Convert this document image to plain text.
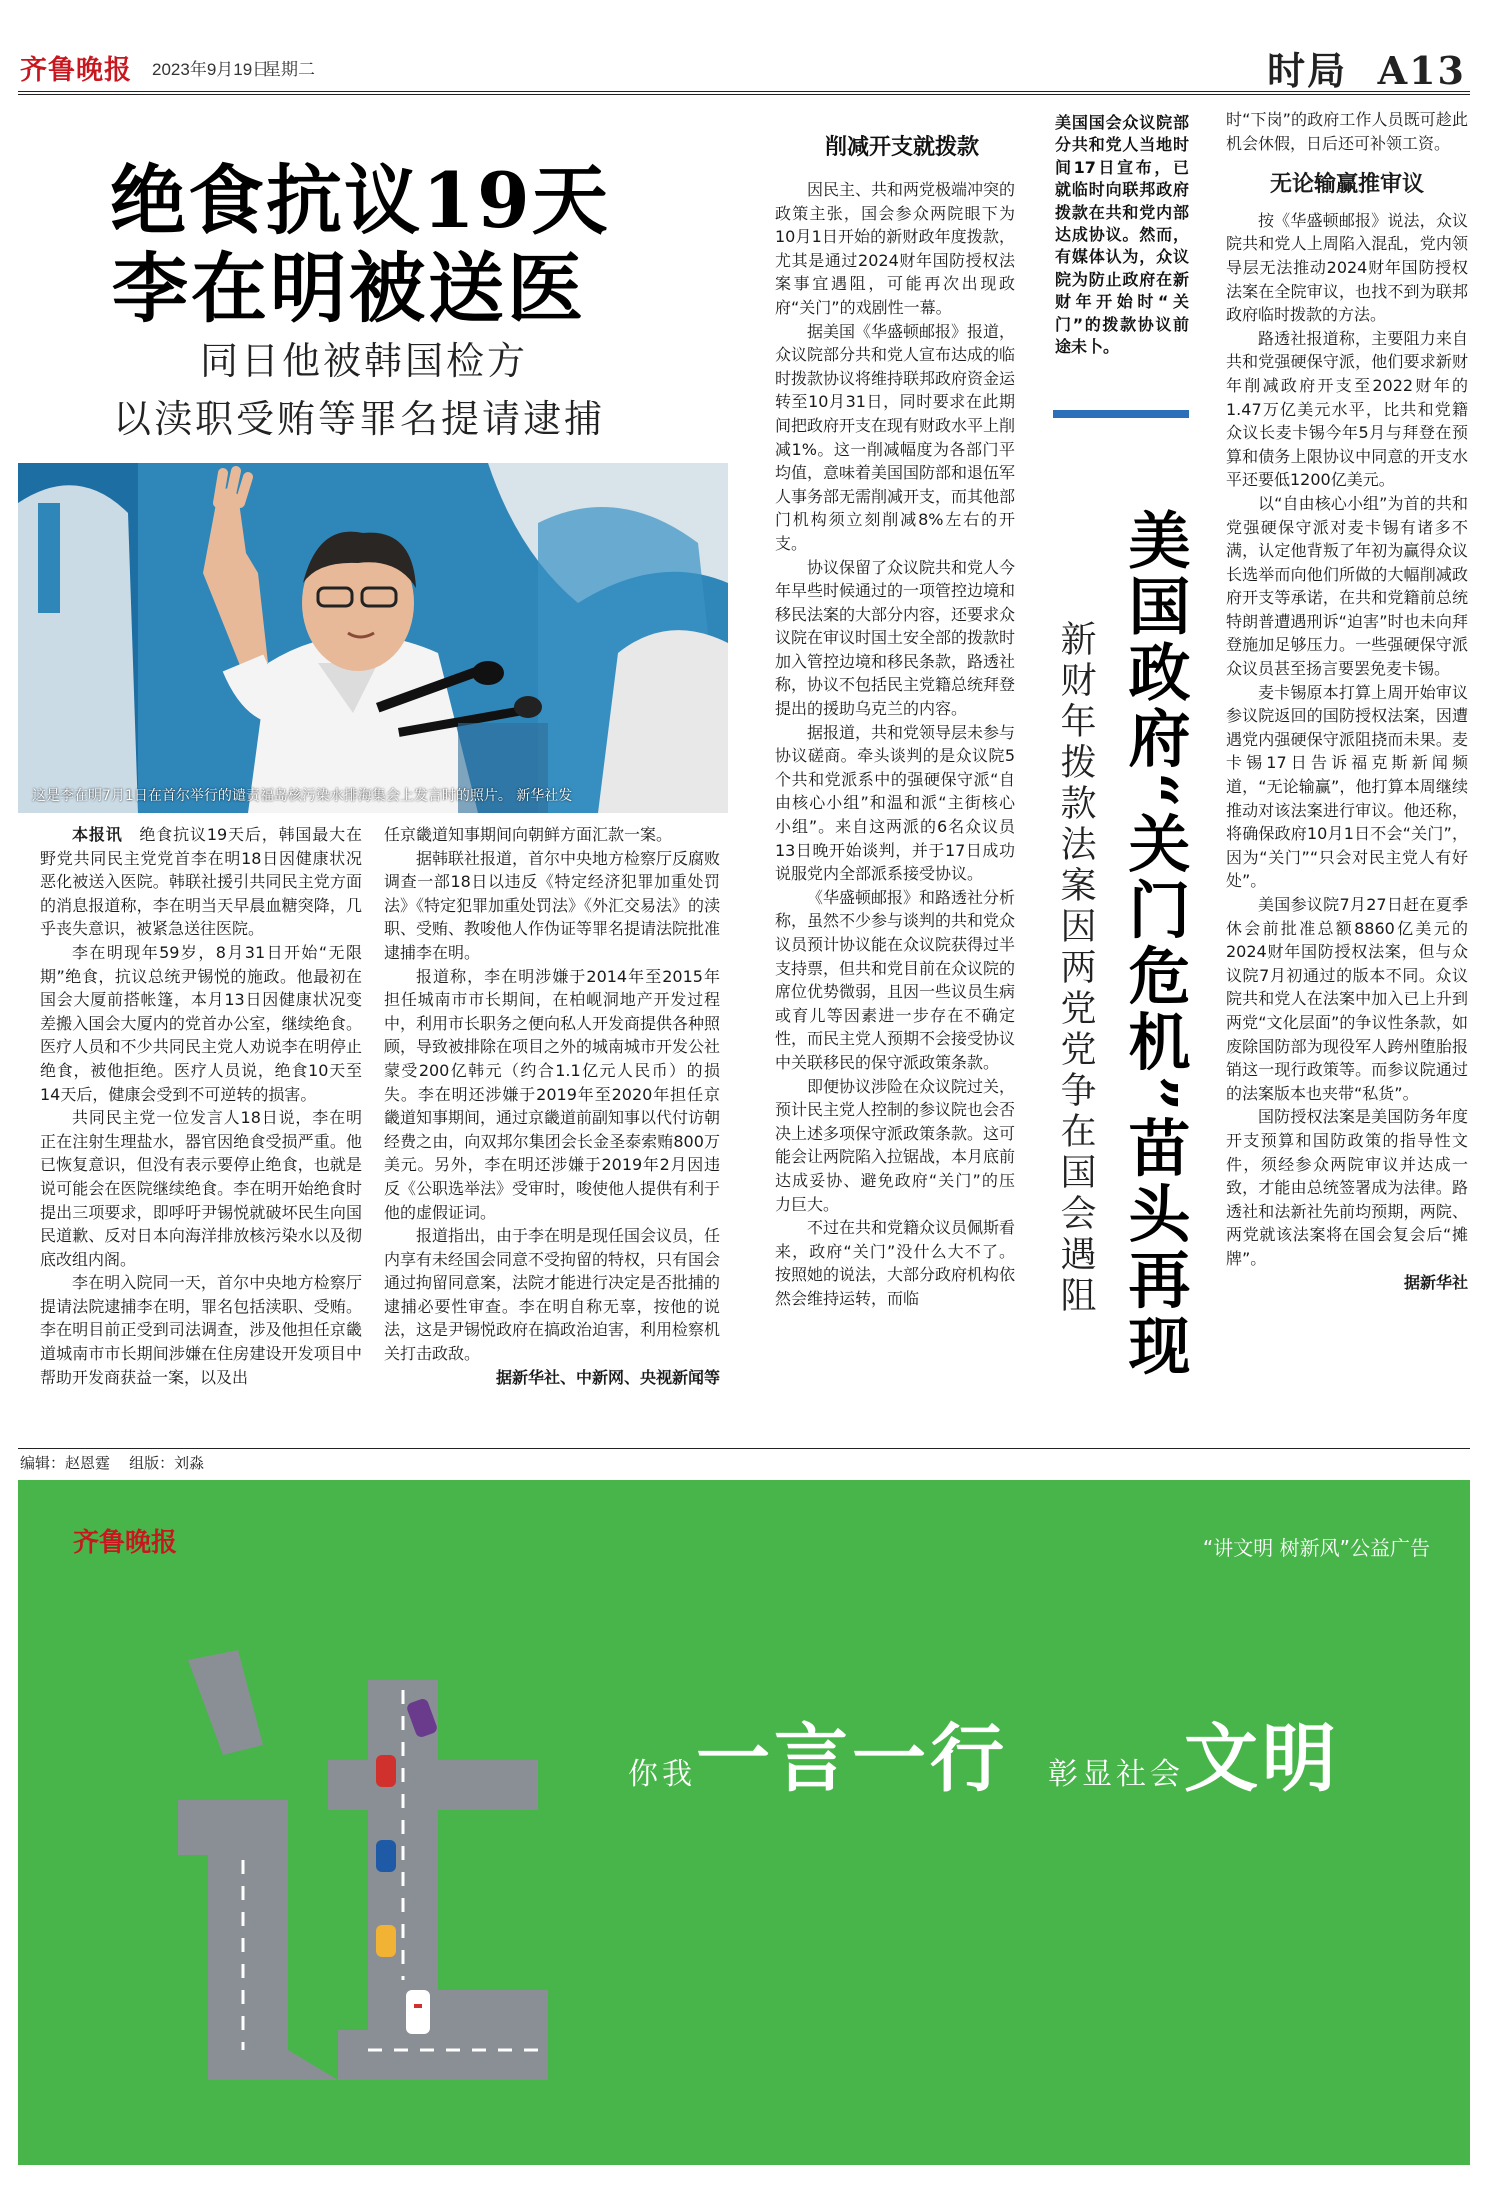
齐鲁晚报 2023年9月19日
星期二	时局  A13
绝食抗议19天
李在明被送医
同日他被韩国检方
以渎职受贿等罪名提请逮捕
这是李在明7月1日在首尔举行的谴责福岛核污染水排海集会上发言时的照片。 新华社发

本报讯　 绝食抗议19天后，韩国最大在野党共同民主党党首李在明18日因健康状况恶化被送入医院。韩联社援引共同民主党方面的消息报道称，李在明当天早晨血糖突降，几乎丧失意识，被紧急送往医院。

李在明现年59岁，8月31日开始“无限期”绝食，抗议总统尹锡悦的施政。他最初在国会大厦前搭帐篷，本月13日因健康状况变差搬入国会大厦内的党首办公室，继续绝食。医疗人员和不少共同民主党人劝说李在明停止绝食，被他拒绝。医疗人员说，绝食10天至14天后，健康会受到不可逆转的损害。

共同民主党一位发言人18日说，李在明正在注射生理盐水，器官因绝食受损严重。他已恢复意识，但没有表示要停止绝食，也就是说可能会在医院继续绝食。李在明开始绝食时提出三项要求，即呼吁尹锡悦就破坏民生向国民道歉、反对日本向海洋排放核污染水以及彻底改组内阁。

李在明入院同一天，首尔中央地方检察厅提请法院逮捕李在明，罪名包括渎职、受贿。李在明目前正受到司法调查，涉及他担任京畿道城南市市长期间涉嫌在住房建设开发项目中帮助开发商获益一案，以及出

任京畿道知事期间向朝鲜方面汇款一案。

据韩联社报道，首尔中央地方检察厅反腐败调查一部18日以违反《特定经济犯罪加重处罚法》《特定犯罪加重处罚法》《外汇交易法》的渎职、受贿、教唆他人作伪证等罪名提请法院批准逮捕李在明。

报道称，李在明涉嫌于2014年至2015年担任城南市市长期间，在柏岘洞地产开发过程中，利用市长职务之便向私人开发商提供各种照顾，导致被排除在项目之外的城南城市开发公社蒙受200亿韩元（约合1.1亿元人民币）的损失。李在明还涉嫌于2019年至2020年担任京畿道知事期间，通过京畿道前副知事以代付访朝经费之由，向双邦尔集团会长金圣泰索贿800万美元。另外，李在明还涉嫌于2019年2月因违反《公职选举法》受审时，唆使他人提供有利于他的虚假证词。

报道指出，由于李在明是现任国会议员，任内享有未经国会同意不受拘留的特权，只有国会通过拘留同意案，法院才能进行决定是否批捕的逮捕必要性审查。李在明自称无辜，按他的说法，这是尹锡悦政府在搞政治迫害，利用检察机关打击政敌。

据新华社、中新网、央视新闻等

美国国会众议院部分共和党人当地时间17日宣布，已就临时向联邦政府拨款在共和党内部达成协议。然而，有媒体认为，众议院为防止政府在新财年开始时“关门”的拨款协议前途未卜。
削减开支就拨款

因民主、共和两党极端冲突的政策主张，国会参众两院眼下为10月1日开始的新财政年度拨款，尤其是通过2024财年国防授权法案事宜遇阻，可能再次出现政府“关门”的戏剧性一幕。

据美国《华盛顿邮报》报道，众议院部分共和党人宣布达成的临时拨款协议将维持联邦政府资金运转至10月31日，同时要求在此期间把政府开支在现有财政水平上削减1%。这一削减幅度为各部门平均值，意味着美国国防部和退伍军人事务部无需削减开支，而其他部门机构须立刻削减8%左右的开支。

协议保留了众议院共和党人今年早些时候通过的一项管控边境和移民法案的大部分内容，还要求众议院在审议时国土安全部的拨款时加入管控边境和移民条款，路透社称，协议不包括民主党籍总统拜登提出的援助乌克兰的内容。

据报道，共和党领导层未参与协议磋商。牵头谈判的是众议院5个共和党派系中的强硬保守派“自由核心小组”和温和派“主街核心小组”。来自这两派的6名众议员13日晚开始谈判，并于17日成功说服党内全部派系接受协议。

《华盛顿邮报》和路透社分析称，虽然不少参与谈判的共和党众议员预计协议能在众议院获得过半支持票，但共和党目前在众议院的席位优势微弱，且因一些议员生病或育儿等因素进一步存在不确定性，而民主党人预期不会接受协议中关联移民的保守派政策条款。

即便协议涉险在众议院过关，预计民主党人控制的参议院也会否决上述多项保守派政策条款。这可能会让两院陷入拉锯战，本月底前达成妥协、避免政府“关门”的压力巨大。

不过在共和党籍众议员佩斯看来，政府“关门”没什么大不了。按照她的说法，大部分政府机构依然会维持运转，而临	美国政府“关门危机”苗头再现
新财年拨款法案因两党党争在国会遇阻

时“下岗”的政府工作人员既可趁此机会休假，日后还可补领工资。

无论输赢推审议

按《华盛顿邮报》说法，众议院共和党人上周陷入混乱，党内领导层无法推动2024财年国防授权法案在全院审议，也找不到为联邦政府临时拨款的方法。

路透社报道称，主要阻力来自共和党强硬保守派，他们要求新财年削减政府开支至2022财年的1.47万亿美元水平，比共和党籍众议长麦卡锡今年5月与拜登在预算和债务上限协议中同意的开支水平还要低1200亿美元。

以“自由核心小组”为首的共和党强硬保守派对麦卡锡有诸多不满，认定他背叛了年初为赢得众议长选举而向他们所做的大幅削减政府开支等承诺，在共和党籍前总统特朗普遭遇刑诉“迫害”时也未向拜登施加足够压力。一些强硬保守派众议员甚至扬言要罢免麦卡锡。

麦卡锡原本打算上周开始审议参议院返回的国防授权法案，因遭遇党内强硬保守派阻挠而未果。麦卡锡17日告诉福克斯新闻频道，“无论输赢”，他打算本周继续推动对该法案进行审议。他还称，将确保政府10月1日不会“关门”，因为“关门”“只会对民主党人有好处”。

美国参议院7月27日赶在夏季休会前批准总额8860亿美元的2024财年国防授权法案，但与众议院7月初通过的版本不同。众议院共和党人在法案中加入已上升到两党“文化层面”的争议性条款，如废除国防部为现役军人跨州堕胎报销这一现行政策等。而参议院通过的法案版本也夹带“私货”。

国防授权法案是美国防务年度开支预算和国防政策的指导性文件，须经参众两院审议并达成一致，才能由总统签署成为法律。路透社和法新社先前均预期，两院、两党就该法案将在国会复会后“摊牌”。

据新华社

编辑：赵恩霆    组版：刘淼
齐鲁晚报	“讲文明 树新风”公益广告
你我一言一行 彰显社会文明
